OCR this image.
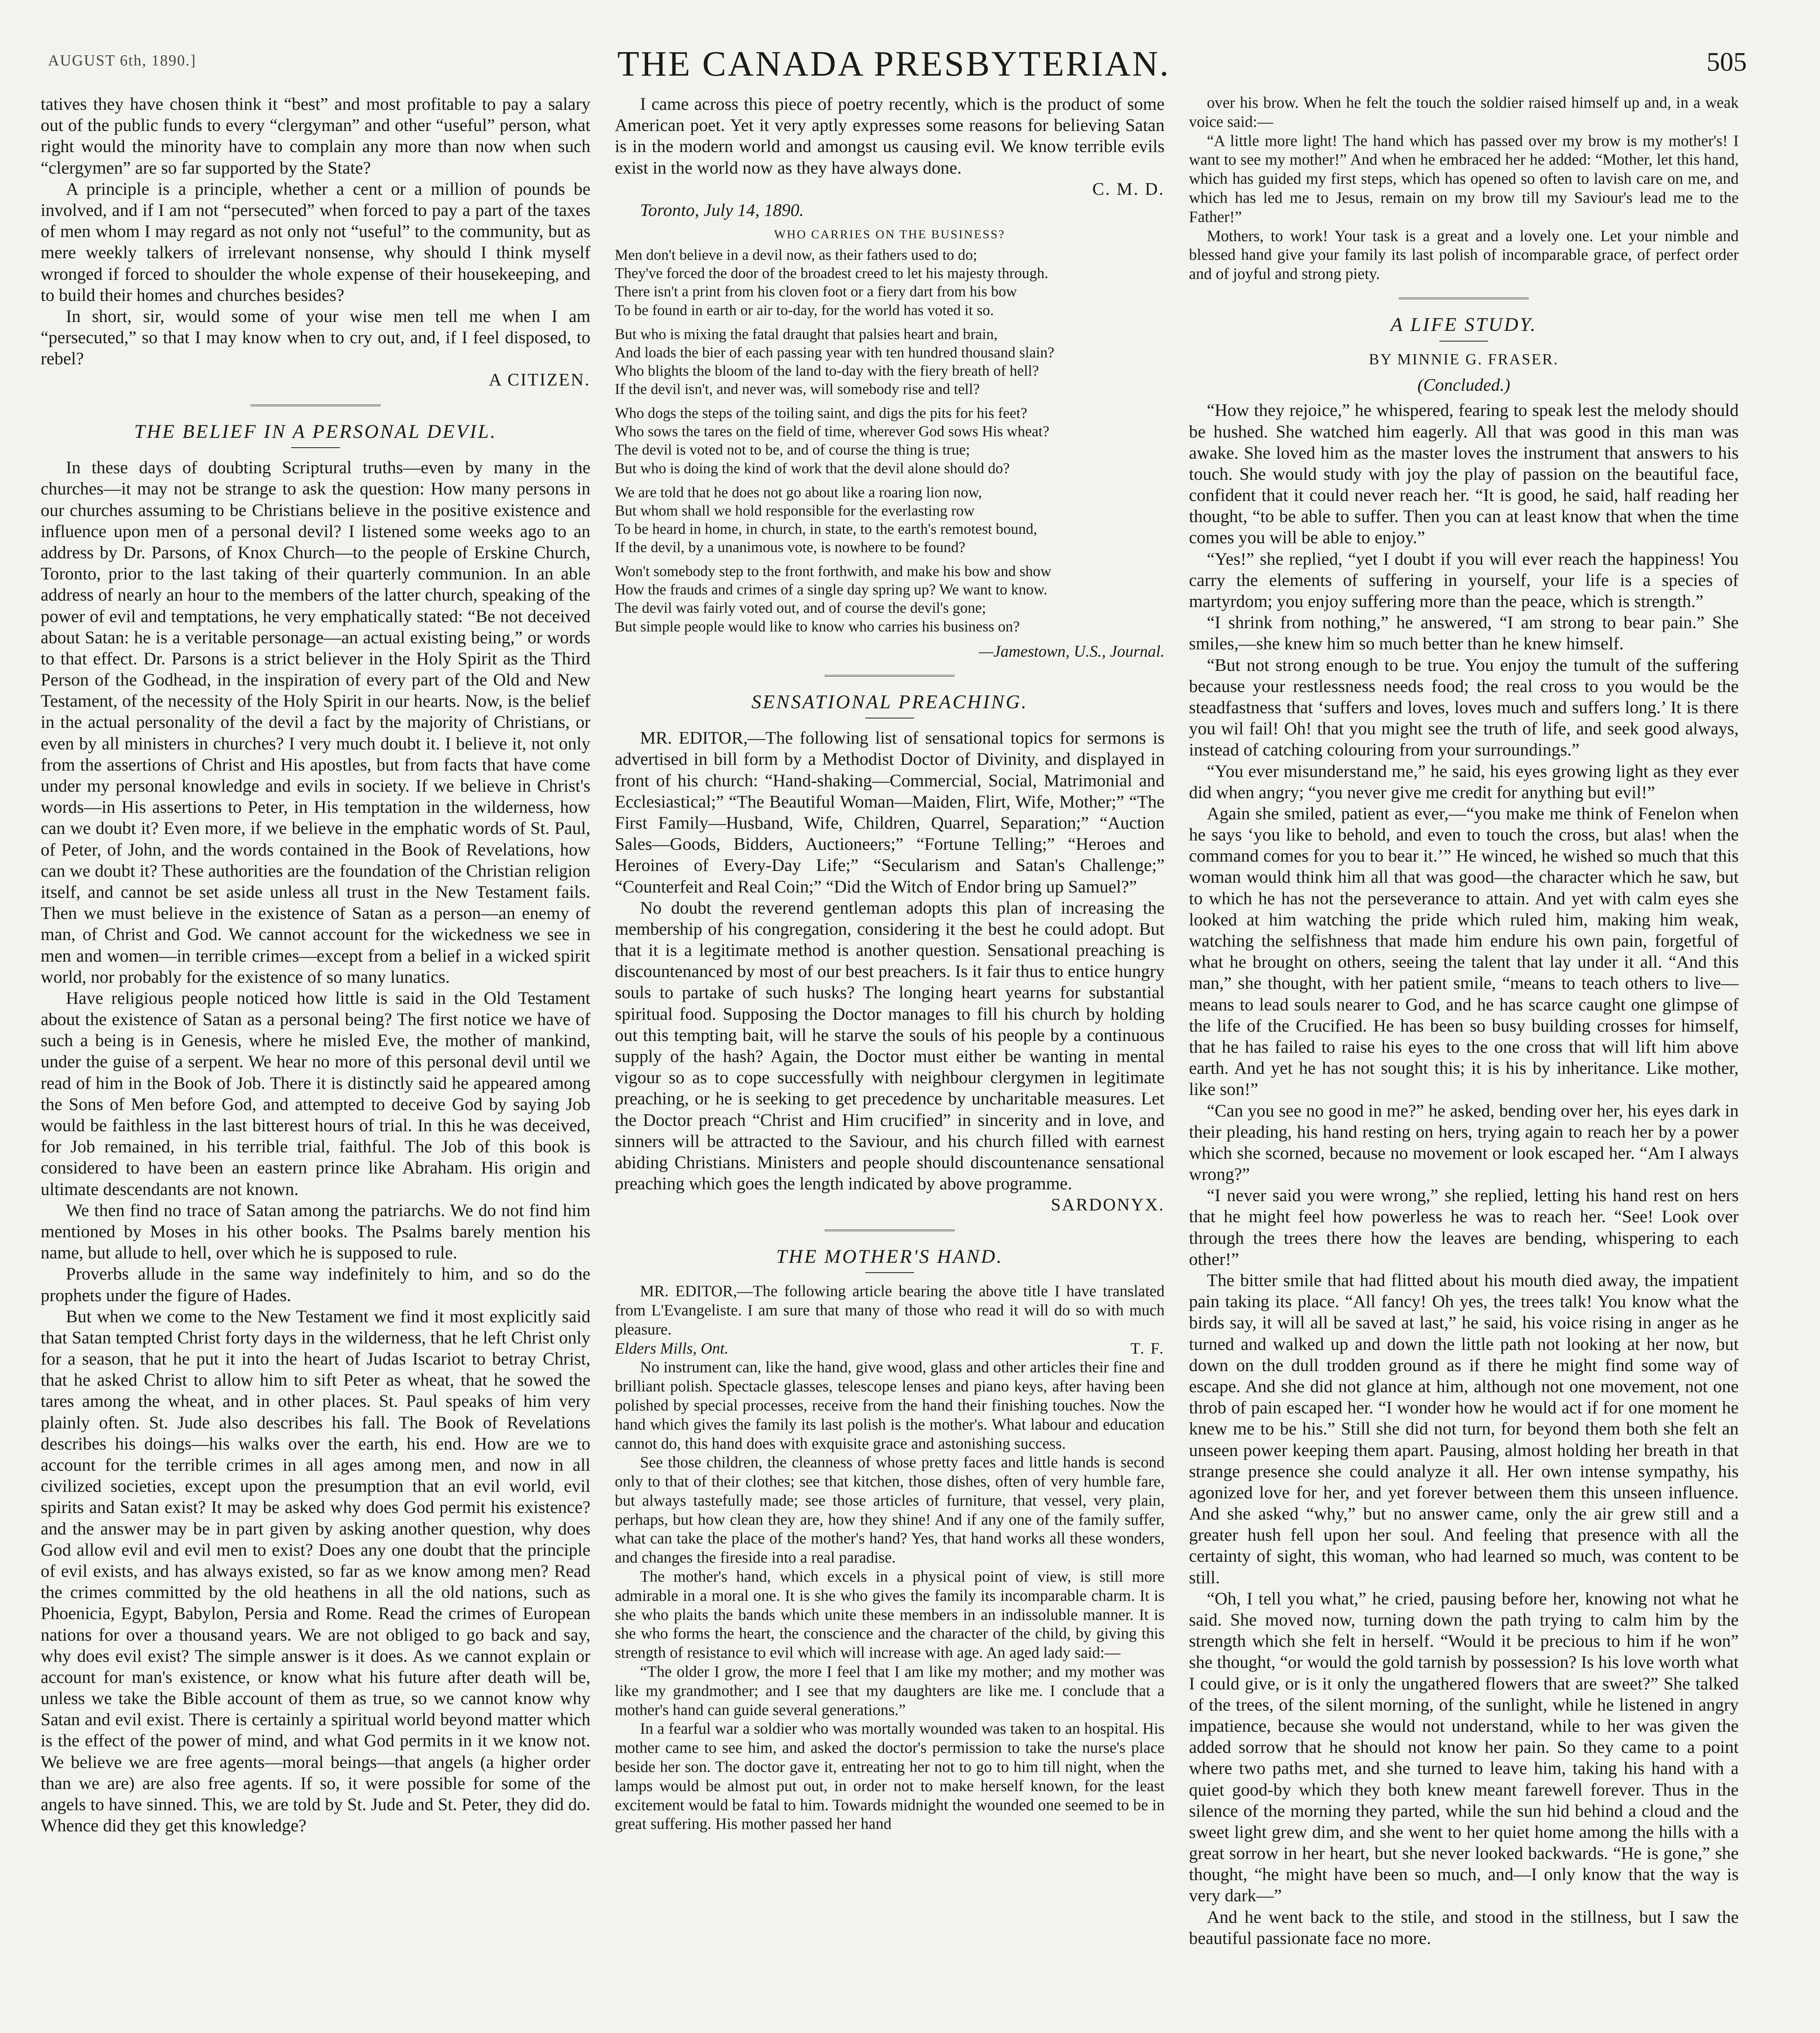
AUGUST 6th, 1890.]	THE CANADA PRESBYTERIAN.	505

tatives they have chosen think it “best” and most profitable to pay a salary out of the public funds to every “clergyman” and other “useful” person, what right would the minority have to complain any more than now when such “clergymen” are so far supported by the State?

A principle is a principle, whether a cent or a million of pounds be involved, and if I am not “persecuted” when forced to pay a part of the taxes of men whom I may regard as not only not “useful” to the community, but as mere weekly talkers of irrelevant nonsense, why should I think myself wronged if forced to shoulder the whole expense of their housekeeping, and to build their homes and churches besides?

In short, sir, would some of your wise men tell me when I am “persecuted,” so that I may know when to cry out, and, if I feel disposed, to rebel?

A CITIZEN.
THE BELIEF IN A PERSONAL DEVIL.

In these days of doubting Scriptural truths—even by many in the churches—it may not be strange to ask the question: How many persons in our churches assuming to be Christians believe in the positive existence and influence upon men of a personal devil? I listened some weeks ago to an address by Dr. Parsons, of Knox Church—to the people of Erskine Church, Toronto, prior to the last taking of their quarterly communion. In an able address of nearly an hour to the members of the latter church, speaking of the power of evil and temptations, he very emphatically stated: “Be not deceived about Satan: he is a veritable personage—an actual existing being,” or words to that effect. Dr. Parsons is a strict believer in the Holy Spirit as the Third Person of the Godhead, in the inspiration of every part of the Old and New Testament, of the necessity of the Holy Spirit in our hearts. Now, is the belief in the actual personality of the devil a fact by the majority of Christians, or even by all ministers in churches? I very much doubt it. I believe it, not only from the assertions of Christ and His apostles, but from facts that have come under my personal knowledge and evils in society. If we believe in Christ's words—in His assertions to Peter, in His temptation in the wilderness, how can we doubt it? Even more, if we believe in the emphatic words of St. Paul, of Peter, of John, and the words contained in the Book of Revelations, how can we doubt it? These authorities are the foundation of the Christian religion itself, and cannot be set aside unless all trust in the New Testament fails. Then we must believe in the existence of Satan as a person—an enemy of man, of Christ and God. We cannot account for the wickedness we see in men and women—in terrible crimes—except from a belief in a wicked spirit world, nor probably for the existence of so many lunatics.

Have religious people noticed how little is said in the Old Testament about the existence of Satan as a personal being? The first notice we have of such a being is in Genesis, where he misled Eve, the mother of mankind, under the guise of a serpent. We hear no more of this personal devil until we read of him in the Book of Job. There it is distinctly said he appeared among the Sons of Men before God, and attempted to deceive God by saying Job would be faithless in the last bitterest hours of trial. In this he was deceived, for Job remained, in his terrible trial, faithful. The Job of this book is considered to have been an eastern prince like Abraham. His origin and ultimate descendants are not known.

We then find no trace of Satan among the patriarchs. We do not find him mentioned by Moses in his other books. The Psalms barely mention his name, but allude to hell, over which he is supposed to rule.

Proverbs allude in the same way indefinitely to him, and so do the prophets under the figure of Hades.

But when we come to the New Testament we find it most explicitly said that Satan tempted Christ forty days in the wilderness, that he left Christ only for a season, that he put it into the heart of Judas Iscariot to betray Christ, that he asked Christ to allow him to sift Peter as wheat, that he sowed the tares among the wheat, and in other places. St. Paul speaks of him very plainly often. St. Jude also describes his fall. The Book of Revelations describes his doings—his walks over the earth, his end. How are we to account for the terrible crimes in all ages among men, and now in all civilized societies, except upon the presumption that an evil world, evil spirits and Satan exist? It may be asked why does God permit his existence? and the answer may be in part given by asking another question, why does God allow evil and evil men to exist? Does any one doubt that the principle of evil exists, and has always existed, so far as we know among men? Read the crimes committed by the old heathens in all the old nations, such as Phoenicia, Egypt, Babylon, Persia and Rome. Read the crimes of European nations for over a thousand years. We are not obliged to go back and say, why does evil exist? The simple answer is it does. As we cannot explain or account for man's existence, or know what his future after death will be, unless we take the Bible account of them as true, so we cannot know why Satan and evil exist. There is certainly a spiritual world beyond matter which is the effect of the power of mind, and what God permits in it we know not. We believe we are free agents—moral beings—that angels (a higher order than we are) are also free agents. If so, it were possible for some of the angels to have sinned. This, we are told by St. Jude and St. Peter, they did do. Whence did they get this knowledge?

I came across this piece of poetry recently, which is the product of some American poet. Yet it very aptly expresses some reasons for believing Satan is in the modern world and amongst us causing evil. We know terrible evils exist in the world now as they have always done.

C. M. D.

Toronto, July 14, 1890.

WHO CARRIES ON THE BUSINESS?
Men don't believe in a devil now, as their fathers used to do;
They've forced the door of the broadest creed to let his majesty through.
There isn't a print from his cloven foot or a fiery dart from his bow
To be found in earth or air to-day, for the world has voted it so.
But who is mixing the fatal draught that palsies heart and brain,
And loads the bier of each passing year with ten hundred thousand slain?
Who blights the bloom of the land to-day with the fiery breath of hell?
If the devil isn't, and never was, will somebody rise and tell?
Who dogs the steps of the toiling saint, and digs the pits for his feet?
Who sows the tares on the field of time, wherever God sows His wheat?
The devil is voted not to be, and of course the thing is true;
But who is doing the kind of work that the devil alone should do?
We are told that he does not go about like a roaring lion now,
But whom shall we hold responsible for the everlasting row
To be heard in home, in church, in state, to the earth's remotest bound,
If the devil, by a unanimous vote, is nowhere to be found?
Won't somebody step to the front forthwith, and make his bow and show
How the frauds and crimes of a single day spring up? We want to know.
The devil was fairly voted out, and of course the devil's gone;
But simple people would like to know who carries his business on?
—Jamestown, U.S., Journal.
SENSATIONAL PREACHING.

MR. EDITOR,—The following list of sensational topics for sermons is advertised in bill form by a Methodist Doctor of Divinity, and displayed in front of his church: “Hand-shaking—Commercial, Social, Matrimonial and Ecclesiastical;” “The Beautiful Woman—Maiden, Flirt, Wife, Mother;” “The First Family—Husband, Wife, Children, Quarrel, Separation;” “Auction Sales—Goods, Bidders, Auctioneers;” “Fortune Telling;” “Heroes and Heroines of Every-Day Life;” “Secularism and Satan's Challenge;” “Counterfeit and Real Coin;” “Did the Witch of Endor bring up Samuel?”

No doubt the reverend gentleman adopts this plan of increasing the membership of his congregation, considering it the best he could adopt. But that it is a legitimate method is another question. Sensational preaching is discountenanced by most of our best preachers. Is it fair thus to entice hungry souls to partake of such husks? The longing heart yearns for substantial spiritual food. Supposing the Doctor manages to fill his church by holding out this tempting bait, will he starve the souls of his people by a continuous supply of the hash? Again, the Doctor must either be wanting in mental vigour so as to cope successfully with neighbour clergymen in legitimate preaching, or he is seeking to get precedence by uncharitable measures. Let the Doctor preach “Christ and Him crucified” in sincerity and in love, and sinners will be attracted to the Saviour, and his church filled with earnest abiding Christians. Ministers and people should discountenance sensational preaching which goes the length indicated by above programme.

SARDONYX.
THE MOTHER'S HAND.

MR. EDITOR,—The following article bearing the above title I have translated from L'Evangeliste. I am sure that many of those who read it will do so with much pleasure.

Elders Mills, Ont.	T. F.

No instrument can, like the hand, give wood, glass and other articles their fine and brilliant polish. Spectacle glasses, telescope lenses and piano keys, after having been polished by special processes, receive from the hand their finishing touches. Now the hand which gives the family its last polish is the mother's. What labour and education cannot do, this hand does with exquisite grace and astonishing success.

See those children, the cleanness of whose pretty faces and little hands is second only to that of their clothes; see that kitchen, those dishes, often of very humble fare, but always tastefully made; see those articles of furniture, that vessel, very plain, perhaps, but how clean they are, how they shine! And if any one of the family suffer, what can take the place of the mother's hand? Yes, that hand works all these wonders, and changes the fireside into a real paradise.

The mother's hand, which excels in a physical point of view, is still more admirable in a moral one. It is she who gives the family its incomparable charm. It is she who plaits the bands which unite these members in an indissoluble manner. It is she who forms the heart, the conscience and the character of the child, by giving this strength of resistance to evil which will increase with age. An aged lady said:—

“The older I grow, the more I feel that I am like my mother; and my mother was like my grandmother; and I see that my daughters are like me. I conclude that a mother's hand can guide several generations.”

In a fearful war a soldier who was mortally wounded was taken to an hospital. His mother came to see him, and asked the doctor's permission to take the nurse's place beside her son. The doctor gave it, entreating her not to go to him till night, when the lamps would be almost put out, in order not to make herself known, for the least excitement would be fatal to him. Towards midnight the wounded one seemed to be in great suffering. His mother passed her hand

over his brow. When he felt the touch the soldier raised himself up and, in a weak voice said:—

“A little more light! The hand which has passed over my brow is my mother's! I want to see my mother!” And when he embraced her he added: “Mother, let this hand, which has guided my first steps, which has opened so often to lavish care on me, and which has led me to Jesus, remain on my brow till my Saviour's lead me to the Father!”

Mothers, to work! Your task is a great and a lovely one. Let your nimble and blessed hand give your family its last polish of incomparable grace, of perfect order and of joyful and strong piety.

A LIFE STUDY.
BY MINNIE G. FRASER.
(Concluded.)

“How they rejoice,” he whispered, fearing to speak lest the melody should be hushed. She watched him eagerly. All that was good in this man was awake. She loved him as the master loves the instrument that answers to his touch. She would study with joy the play of passion on the beautiful face, confident that it could never reach her. “It is good, he said, half reading her thought, “to be able to suffer. Then you can at least know that when the time comes you will be able to enjoy.”

“Yes!” she replied, “yet I doubt if you will ever reach the happiness! You carry the elements of suffering in yourself, your life is a species of martyrdom; you enjoy suffering more than the peace, which is strength.”

“I shrink from nothing,” he answered, “I am strong to bear pain.” She smiles,—she knew him so much better than he knew himself.

“But not strong enough to be true. You enjoy the tumult of the suffering because your restlessness needs food; the real cross to you would be the steadfastness that ‘suffers and loves, loves much and suffers long.’ It is there you wil fail! Oh! that you might see the truth of life, and seek good always, instead of catching colouring from your surroundings.”

“You ever misunderstand me,” he said, his eyes growing light as they ever did when angry; “you never give me credit for anything but evil!”

Again she smiled, patient as ever,—“you make me think of Fenelon when he says ‘you like to behold, and even to touch the cross, but alas! when the command comes for you to bear it.’” He winced, he wished so much that this woman would think him all that was good—the character which he saw, but to which he has not the perseverance to attain. And yet with calm eyes she looked at him watching the pride which ruled him, making him weak, watching the selfishness that made him endure his own pain, forgetful of what he brought on others, seeing the talent that lay under it all. “And this man,” she thought, with her patient smile, “means to teach others to live—means to lead souls nearer to God, and he has scarce caught one glimpse of the life of the Crucified. He has been so busy building crosses for himself, that he has failed to raise his eyes to the one cross that will lift him above earth. And yet he has not sought this; it is his by inheritance. Like mother, like son!”

“Can you see no good in me?” he asked, bending over her, his eyes dark in their pleading, his hand resting on hers, trying again to reach her by a power which she scorned, because no movement or look escaped her. “Am I always wrong?”

“I never said you were wrong,” she replied, letting his hand rest on hers that he might feel how powerless he was to reach her. “See! Look over through the trees there how the leaves are bending, whispering to each other!”

The bitter smile that had flitted about his mouth died away, the impatient pain taking its place. “All fancy! Oh yes, the trees talk! You know what the birds say, it will all be saved at last,” he said, his voice rising in anger as he turned and walked up and down the little path not looking at her now, but down on the dull trodden ground as if there he might find some way of escape. And she did not glance at him, although not one movement, not one throb of pain escaped her. “I wonder how he would act if for one moment he knew me to be his.” Still she did not turn, for beyond them both she felt an unseen power keeping them apart. Pausing, almost holding her breath in that strange presence she could analyze it all. Her own intense sympathy, his agonized love for her, and yet forever between them this unseen influence. And she asked “why,” but no answer came, only the air grew still and a greater hush fell upon her soul. And feeling that presence with all the certainty of sight, this woman, who had learned so much, was content to be still.

“Oh, I tell you what,” he cried, pausing before her, knowing not what he said. She moved now, turning down the path trying to calm him by the strength which she felt in herself. “Would it be precious to him if he won” she thought, “or would the gold tarnish by possession? Is his love worth what I could give, or is it only the ungathered flowers that are sweet?” She talked of the trees, of the silent morning, of the sunlight, while he listened in angry impatience, because she would not understand, while to her was given the added sorrow that he should not know her pain. So they came to a point where two paths met, and she turned to leave him, taking his hand with a quiet good-by which they both knew meant farewell forever. Thus in the silence of the morning they parted, while the sun hid behind a cloud and the sweet light grew dim, and she went to her quiet home among the hills with a great sorrow in her heart, but she never looked backwards. “He is gone,” she thought, “he might have been so much, and—I only know that the way is very dark—”

And he went back to the stile, and stood in the stillness, but I saw the beautiful passionate face no more.
